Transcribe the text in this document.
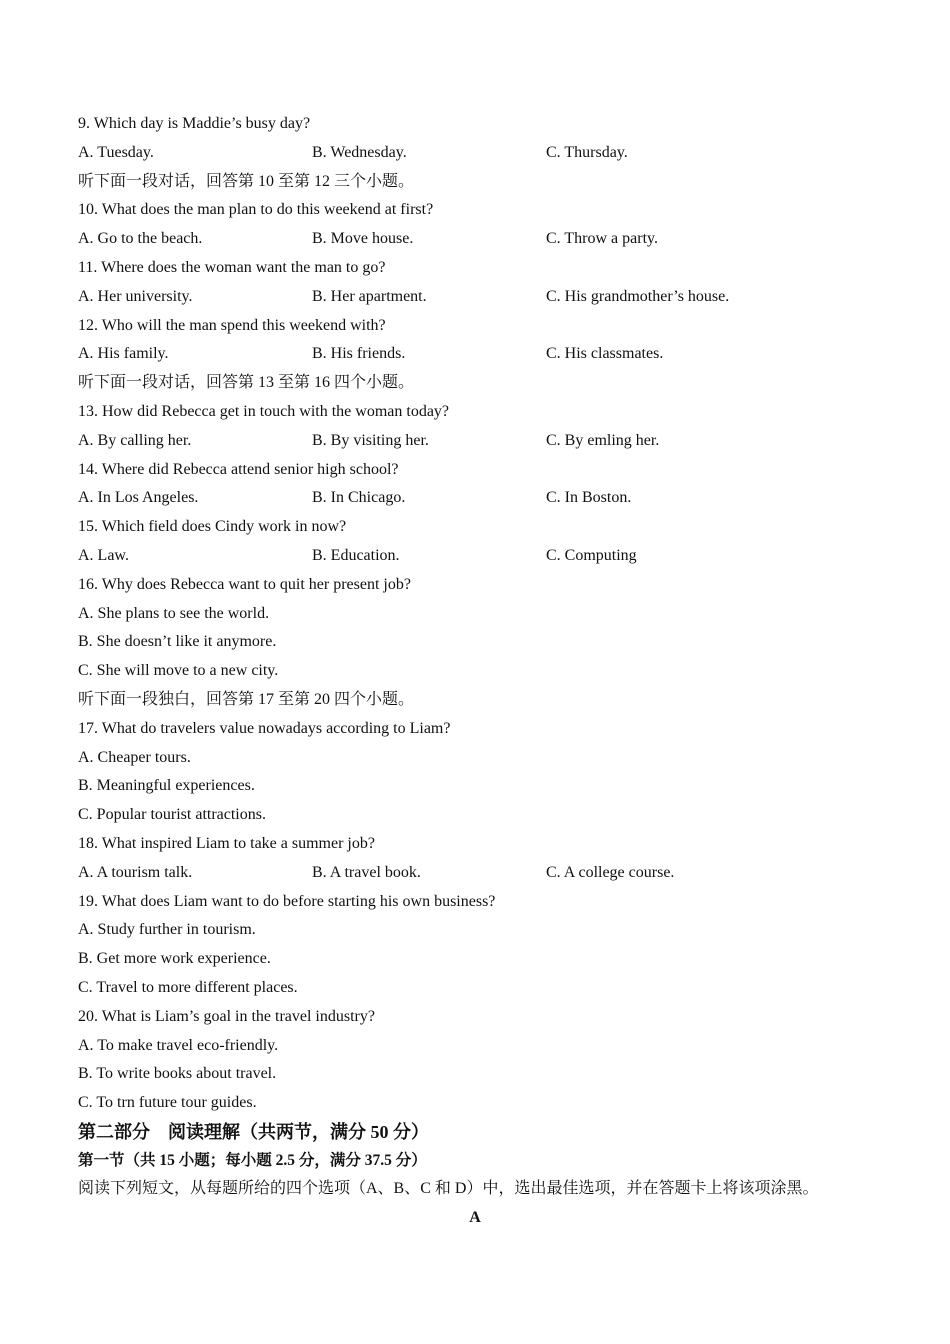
9. Which day is Maddie’s busy day?
A. Tuesday.	B. Wednesday.	C. Thursday.
听下面一段对话，回答第 10 至第 12 三个小题。
10. What does the man plan to do this weekend at first?
A. Go to the beach.	B. Move house.	C. Throw a party.
11. Where does the woman want the man to go?
A. Her university.	B. Her apartment.	C. His grandmother’s house.
12. Who will the man spend this weekend with?
A. His family.	B. His friends.	C. His classmates.
听下面一段对话，回答第 13 至第 16 四个小题。
13. How did Rebecca get in touch with the woman today?
A. By calling her.	B. By visiting her.	C. By emling her.
14. Where did Rebecca attend senior high school?
A. In Los Angeles.	B. In Chicago.	C. In Boston.
15. Which field does Cindy work in now?
A. Law.	B. Education.	C. Computing
16. Why does Rebecca want to quit her present job?
A. She plans to see the world.
B. She doesn’t like it anymore.
C. She will move to a new city.
听下面一段独白，回答第 17 至第 20 四个小题。
17. What do travelers value nowadays according to Liam?
A. Cheaper tours.
B. Meaningful experiences.
C. Popular tourist attractions.
18. What inspired Liam to take a summer job?
A. A tourism talk.	B. A travel book.	C. A college course.
19. What does Liam want to do before starting his own business?
A. Study further in tourism.
B. Get more work experience.
C. Travel to more different places.
20. What is Liam’s goal in the travel industry?
A. To make travel eco-friendly.
B. To write books about travel.
C. To trn future tour guides.
第二部分　阅读理解（共两节，满分 50 分）
第一节（共 15 小题；每小题 2.5 分，满分 37.5 分）
阅读下列短文，从每题所给的四个选项（A、B、C 和 D）中，选出最佳选项，并在答题卡上将该项涂黑。
A
